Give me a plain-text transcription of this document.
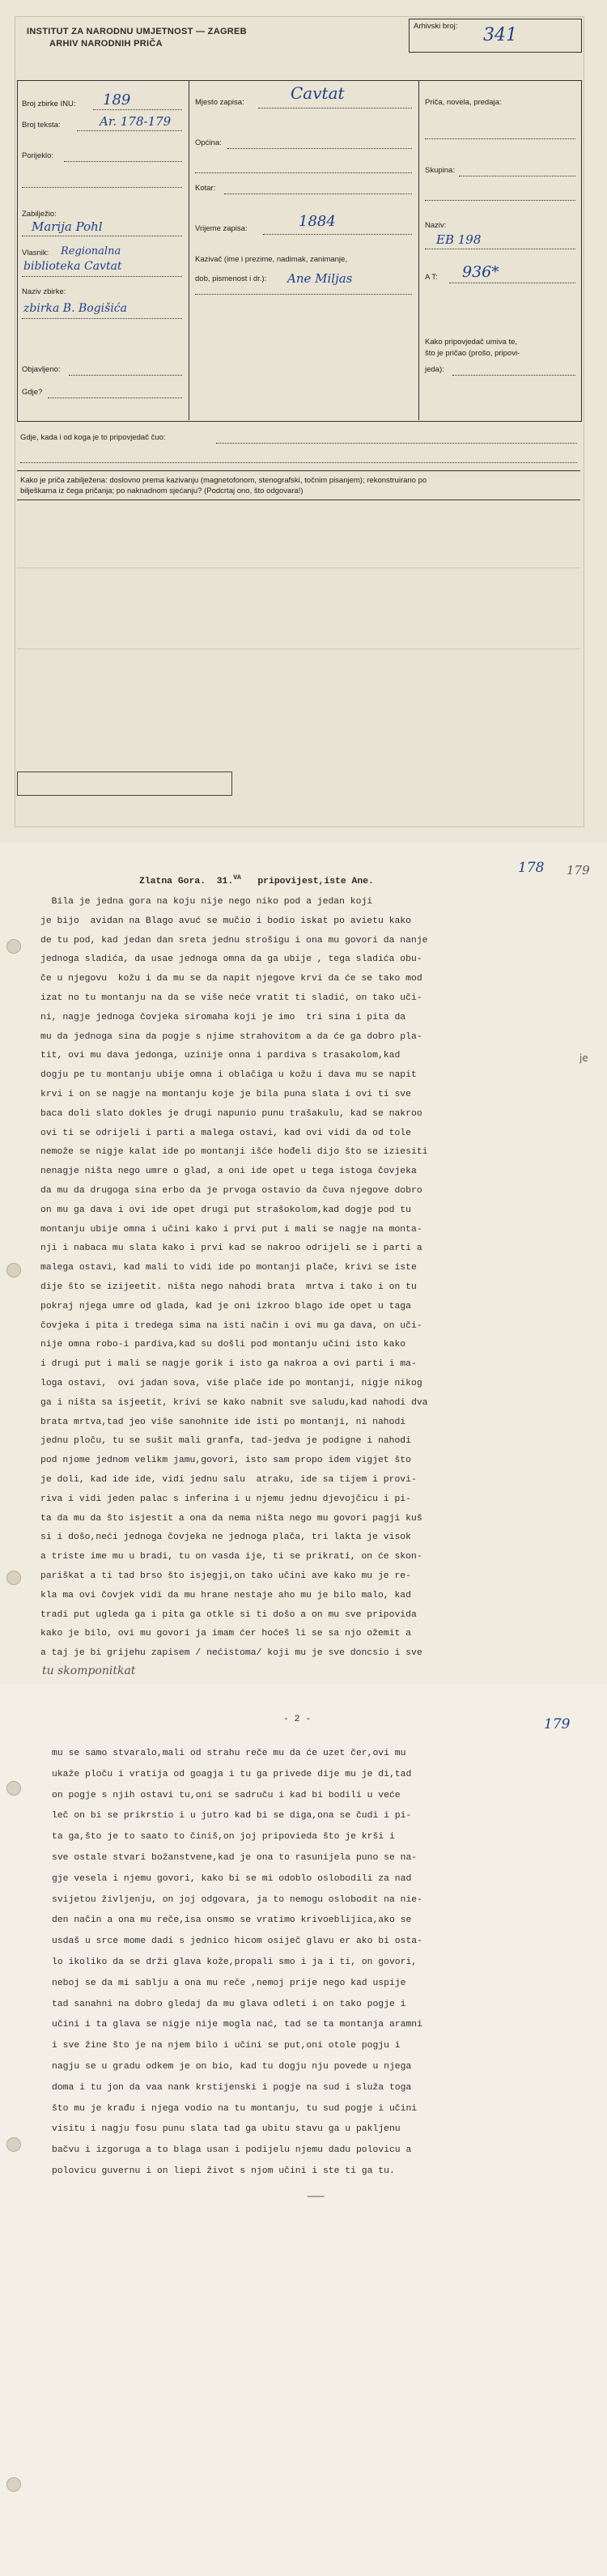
INSTITUT ZA NARODNU UMJETNOST — ZAGREB
ARHIV NARODNIH PRIČA
Arhivski broj: 341
Broj zbirke INU: 189
Broj teksta:	Ar. 178-179
Porijeklo:
Zabilježio:
Marija Pohl
Vlasnik: Regionalna
biblioteka Cavtat
Naziv zbirke:
zbirka B. Bogišića
Objavljeno:
Gdje?
Mjesto zapisa:	Cavtat
Općina:
Kotar:
Vrijeme zapisa:	1884
Kazivač (ime i prezime, nadimak, zanimanje,
dob, pismenost i dr.): Ane Miljas
Priča, novela, predaja:
Skupina:
Naziv:
EB 198
A T: 936*
Kako pripovjedač umiva te,
što je pričao (prošo, pripovi-
jeda):
Gdje, kada i od koga je to pripovjedač čuo:
Kako je priča zabilježena: doslovno prema kazivanju (magnetofonom, stenografski, točnim pisanjem); rekonstruirano po
bilješkama iz čega pričanja; po naknadnom sjećanju? (Podcrtaj ono, što odgovara!)
178 179
Zlatna Gora.  31.$^{VA}$   pripovijest,iste Ane.
Bila je jedna gora na koju nije nego niko pod a jedan koji
je bijo  avidan na Blago avuć se mučio i bodio iskat po avietu kako
de tu pod, kad jedan dan sreta jednu strošigu i ona mu govori da nanje
jednoga sladića, da usae jednoga omna da ga ubije , tega sladića obu-
če u njegovu  kožu i da mu se da napit njegove krvi da će se tako mod
izat no tu montanju na da se više neće vratit ti sladić, on tako uči-
ni, nagje jednoga čovjeka siromaha koji je imo  tri sina i pita da
mu da jednoga sina da pogje s njime strahovitom a da će ga dobro pla-
tit, ovi mu dava jedonga, uzinije onna i pardiva s trasakolom,kad
dogju pe tu montanju ubije omna i oblačiga u kožu i dava mu se napit
krvi i on se nagje na montanju koje je bila puna slata i ovi ti sve
baca doli slato dokles je drugi napunio punu trašakulu, kad se nakroo
ovi ti se odrijeli i parti a malega ostavi, kad ovi vidi da od tole
nemože se nigje kalat ide po montanji išće hođeli dijo što se iziesiti
nenagje ništa nego umre o glad, a oni ide opet u tega istoga čovjeka
da mu da drugoga sina erbo da je prvoga ostavio da čuva njegove dobro
on mu ga dava i ovi ide opet drugi put strašokolom,kad dogje pod tu
montanju ubije omna i učini kako i prvi put i mali se nagje na monta-
nji i nabaca mu slata kako i prvi kad se nakroo odrijeli se i parti a
malega ostavi, kad mali to vidi ide po montanji plače, krivi se iste
dije što se izijeetit. ništa nego nahodi brata  mrtva i tako i on tu
pokraj njega umre od glada, kad je oni izkroo blago ide opet u taga
čovjeka i pita i tredega sima na isti način i ovi mu ga dava, on uči-
nije omna robo-i pardiva,kad su došli pod montanju učini isto kako
i drugi put i mali se nagje gorik i isto ga nakroa a ovi parti i ma-
loga ostavi,  ovi jadan sova, više plače ide po montanji, nigje nikog
ga i ništa sa isjeetit, krivi se kako nabnit sve saludu,kad nahodi dva
brata mrtva,tad jeo više sanohnite ide isti po montanji, ni nahodi
jednu ploču, tu se sušit mali granfa, tad-jedva je podigne i nahodi
pod njome jednom velikm jamu,govori, isto sam propo idem vigjet što
je doli, kad ide ide, vidi jednu salu  atraku, ide sa tijem i provi-
riva i vidi jeden palac s inferina i u njemu jednu djevojčicu i pi-
ta da mu da što isjestit a ona da nema ništa nego mu govori pagji kuš
si i došo,neći jednoga čovjeka ne jednoga plača, tri lakta je visok
a triste ime mu u bradi, tu on vasda ije, ti se prikrati, on će skon-
pariškat a ti tad brso što isjegji,on tako učini ave kako mu je re-
kla ma ovi čovjek vidi da mu hrane nestaje aho mu je bilo malo, kad
tradi put ugleda ga i pita ga otkle si ti došo a on mu sve pripovida
kako je bilo, ovi mu govori ja imam ćer hoćeš li se sa njo ožemit a
a taj je bi grijehu zapisem / nećistoma/ koji mu je sve doncsio i sve
je
tu skomponitkat
- 2 -	179
mu se samo stvaralo,mali od strahu reče mu da će uzet čer,ovi mu
ukaže ploču i vratija od goagja i tu ga privede dije mu je di,tad
on pogje s njih ostavi tu,oni se sadruču i kad bi bodili u veće
leč on bi se prikrstio i u jutro kad bi se diga,ona se čudi i pi-
ta ga,što je to saato to činiš,on joj pripovieda što je krši i
sve ostale stvari božanstvene,kad je ona to rasunijela puno se na-
gje vesela i njemu govori, kako bi se mi odoblo oslobodili za nad
svijetou življenju, on joj odgovara, ja to nemogu oslobodit na nie-
den način a ona mu reče,isa onsmo se vratimo krivoeblijica,ako se
usdaš u srce mome dadi s jednico hicom osiječ glavu er ako bi osta-
lo ikoliko da se drži glava kože,propali smo i ja i ti, on govori,
neboj se da mi sablju a ona mu reče ,nemoj prije nego kad uspije
tad sanahni na dobro gledaj da mu glava odleti i on tako pogje i
učini i ta glava se nigje nije mogla nać, tad se ta montanja aramni
i sve žine što je na njem bilo i učini se put,oni otole pogju i
nagju se u gradu odkem je on bio, kad tu dogju nju povede u njega
doma i tu jon da vaa nank krstijenski i pogje na sud i služa toga
što mu je krađu i njega vodio na tu montanju, tu sud pogje i učini
visitu i nagju fosu punu slata tad ga ubitu stavu ga u pakljenu
bačvu i izgoruga a to blaga usan i podijelu njemu dadu polovicu a
polovicu guvernu i on liepi život s njom učini i ste ti ga tu.
———
